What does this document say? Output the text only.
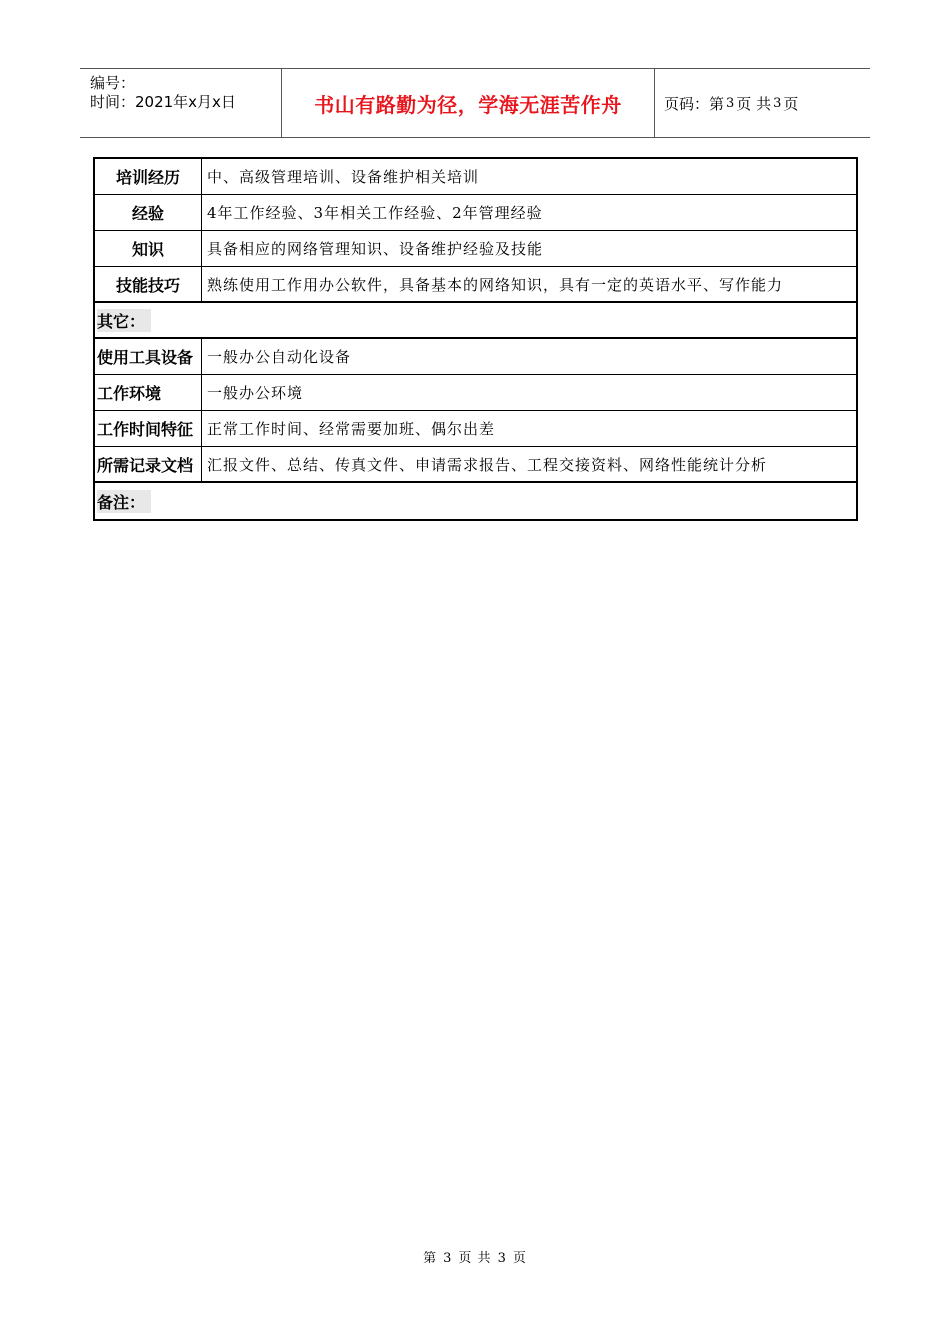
编号：
时间：2021年x月x日	书山有路勤为径，学海无涯苦作舟	页码：第 3 页 共 3 页
培训经历	中、高级管理培训、设备维护相关培训
经验	4年工作经验、3年相关工作经验、2年管理经验
知识	具备相应的网络管理知识、设备维护经验及技能
技能技巧	熟练使用工作用办公软件，具备基本的网络知识，具有一定的英语水平、写作能力
其它：
使用工具设备 一般办公自动化设备
工作环境	一般办公环境
工作时间特征 正常工作时间、经常需要加班、偶尔出差
所需记录文档 汇报文件、总结、传真文件、申请需求报告、工程交接资料、网络性能统计分析
备注：
第 3 页 共 3 页
